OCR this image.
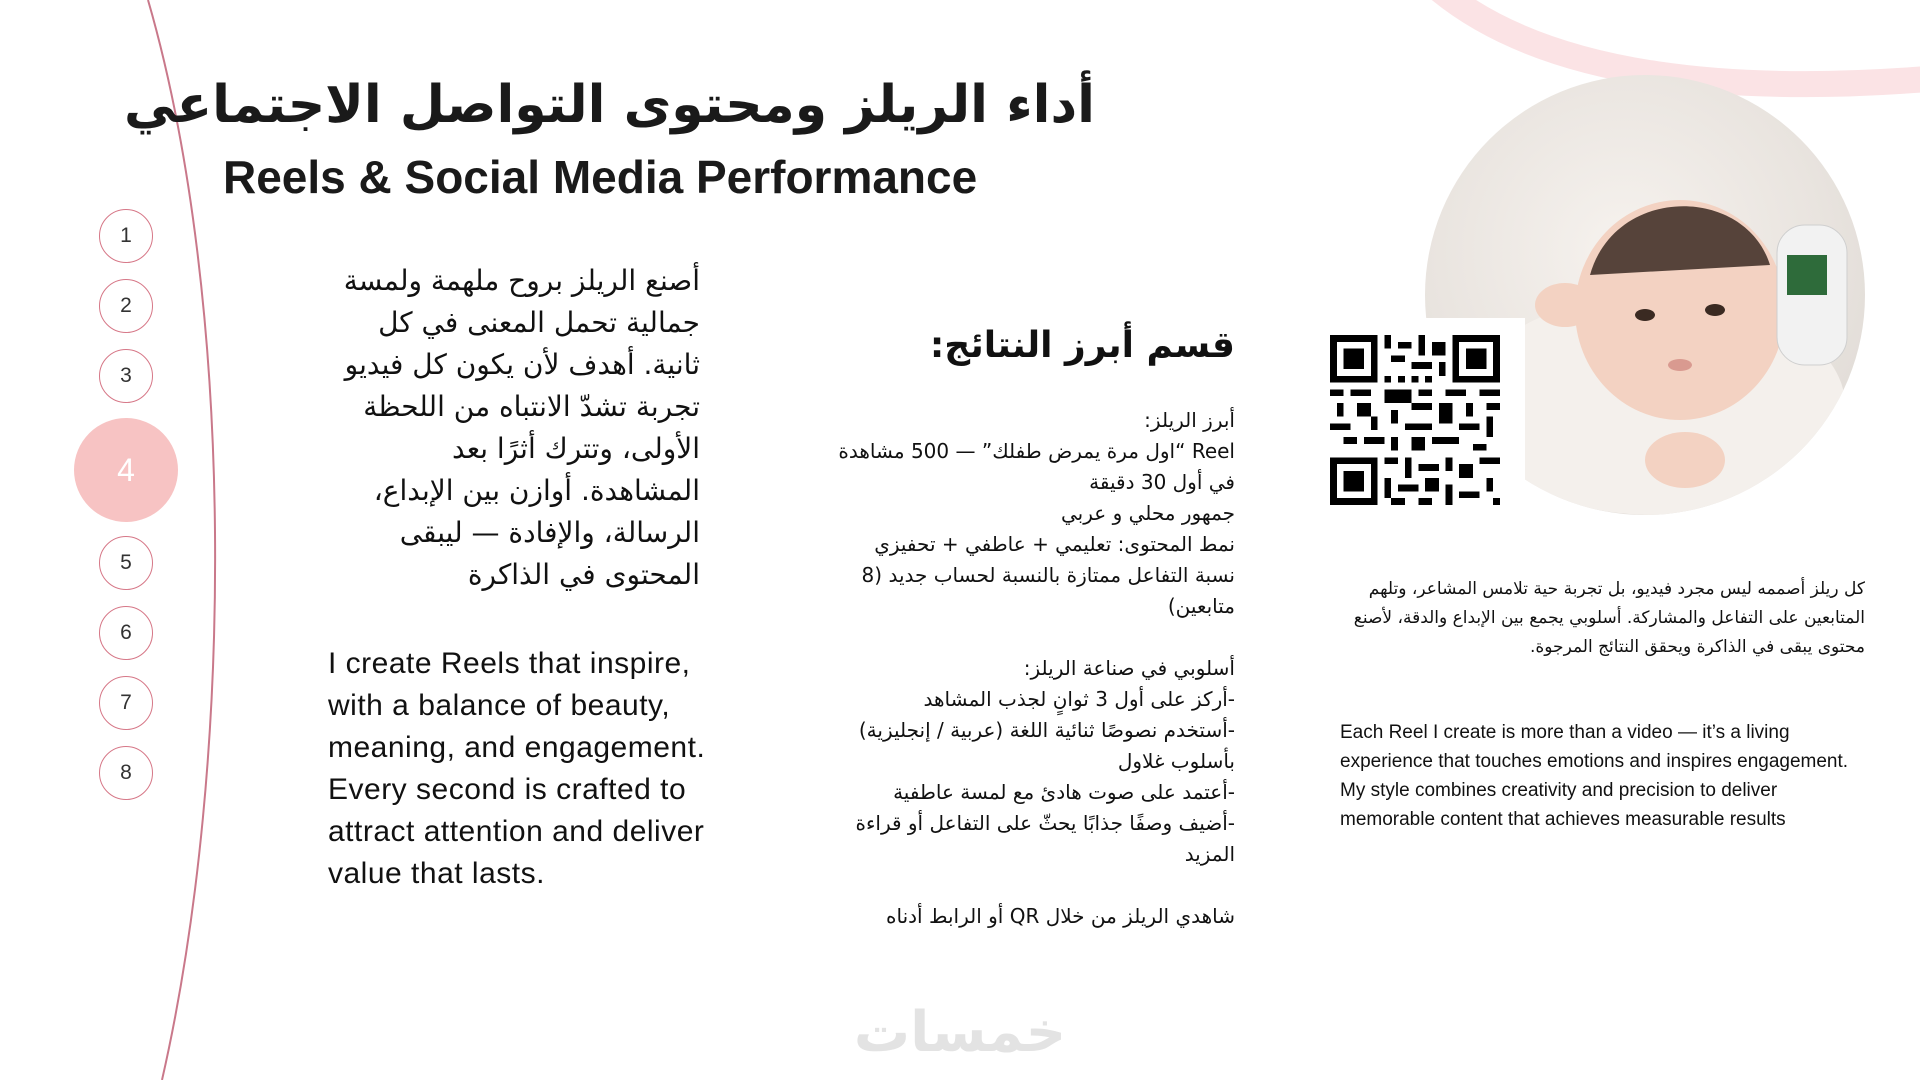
أداء الريلز ومحتوى التواصل الاجتماعي
Reels & Social Media Performance
1
2
3
4
5
6
7
8
أصنع الريلز بروح ملهمة ولمسة جمالية تحمل المعنى في كل ثانية. أهدف لأن يكون كل فيديو تجربة تشدّ الانتباه من اللحظة الأولى، وتترك أثرًا بعد المشاهدة. أوازن بين الإبداع، الرسالة، والإفادة — ليبقى المحتوى في الذاكرة
I create Reels that inspire, with a balance of beauty, meaning, and engagement. Every second is crafted to attract attention and deliver value that lasts.
قسم أبرز النتائج:
أبرز الريلز:
Reel “اول مرة يمرض طفلك” — 500 مشاهدة
في أول 30 دقيقة
جمهور محلي و عربي
نمط المحتوى: تعليمي + عاطفي + تحفيزي
نسبة التفاعل ممتازة بالنسبة لحساب جديد (8
متابعين)
أسلوبي في صناعة الريلز:
-أركز على أول 3 ثوانٍ لجذب المشاهد
-أستخدم نصوصًا ثنائية اللغة (عربية / إنجليزية)
بأسلوب غلاول
-أعتمد على صوت هادئ مع لمسة عاطفية
-أضيف وصفًا جذابًا يحثّ على التفاعل أو قراءة
المزيد
شاهدي الريلز من خلال QR أو الرابط أدناه
كل ريلز أصممه ليس مجرد فيديو، بل تجربة حية تلامس المشاعر، وتلهم المتابعين على التفاعل والمشاركة. أسلوبي يجمع بين الإبداع والدقة، لأصنع محتوى يبقى في الذاكرة ويحقق النتائج المرجوة.
Each Reel I create is more than a video — it’s a living experience that touches emotions and inspires engagement. My style combines creativity and precision to deliver memorable content that achieves measurable results
خمسات
